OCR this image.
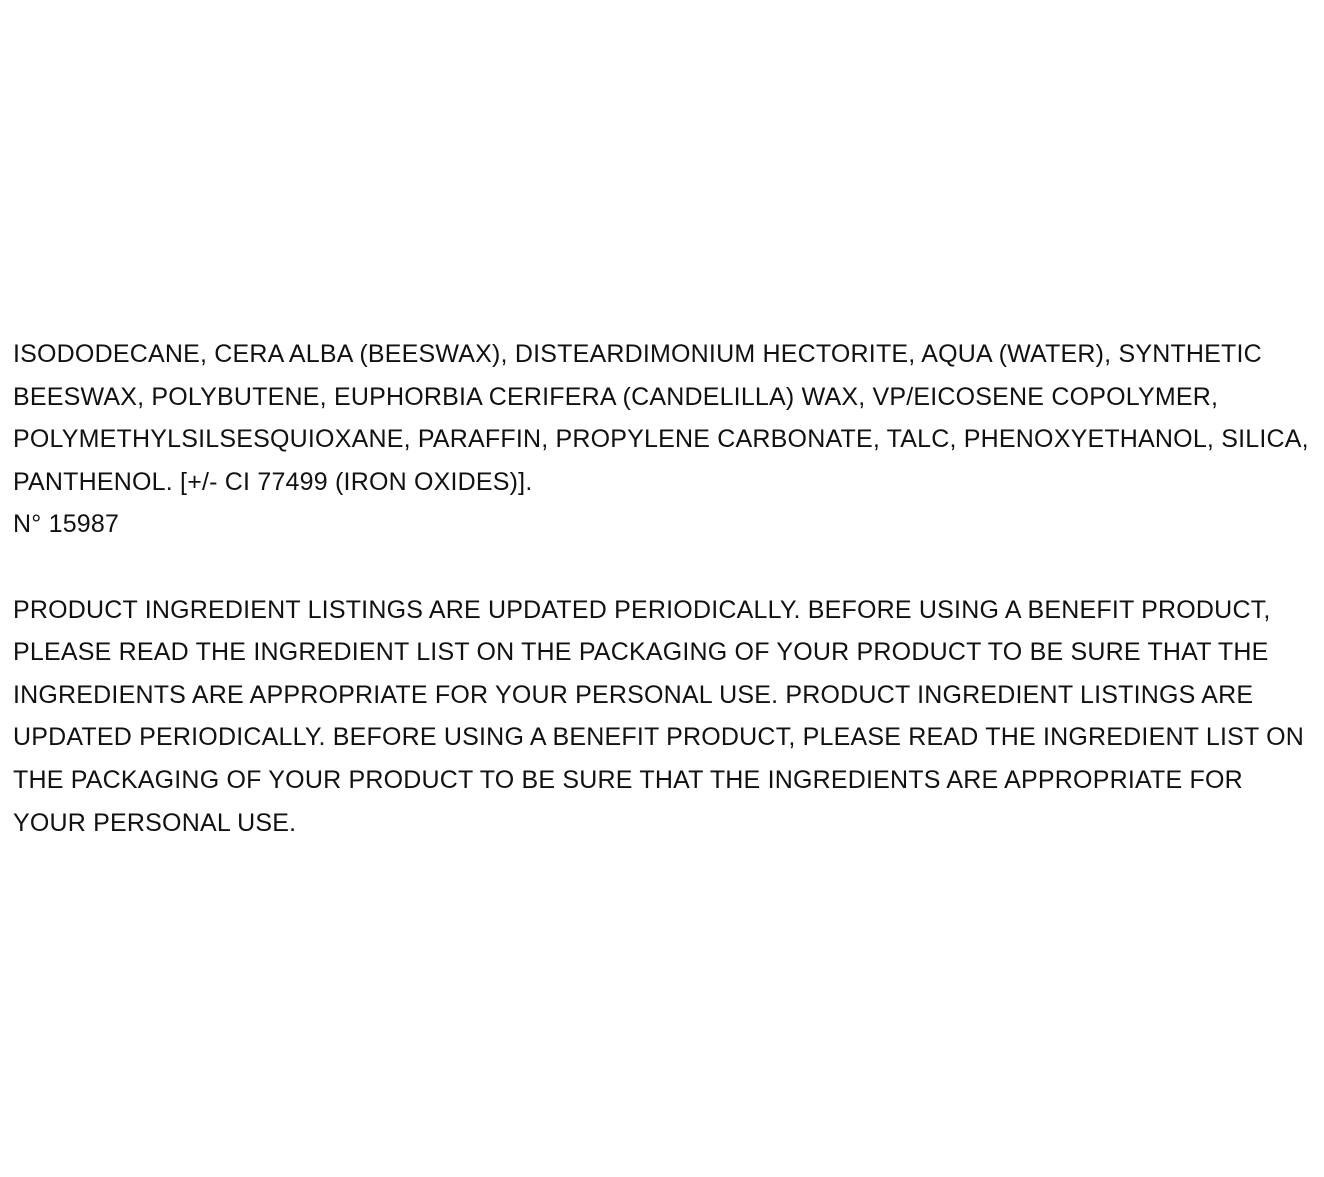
ISODODECANE, CERA ALBA (BEESWAX), DISTEARDIMONIUM HECTORITE, AQUA (WATER), SYNTHETIC BEESWAX, POLYBUTENE, EUPHORBIA CERIFERA (CANDELILLA) WAX, VP/EICOSENE COPOLYMER, POLYMETHYLSILSESQUIOXANE, PARAFFIN, PROPYLENE CARBONATE, TALC, PHENOXYETHANOL, SILICA, PANTHENOL. [+/- CI 77499 (IRON OXIDES)].

N° 15987

PRODUCT INGREDIENT LISTINGS ARE UPDATED PERIODICALLY. BEFORE USING A BENEFIT PRODUCT, PLEASE READ THE INGREDIENT LIST ON THE PACKAGING OF YOUR PRODUCT TO BE SURE THAT THE INGREDIENTS ARE APPROPRIATE FOR YOUR PERSONAL USE. PRODUCT INGREDIENT LISTINGS ARE UPDATED PERIODICALLY. BEFORE USING A BENEFIT PRODUCT, PLEASE READ THE INGREDIENT LIST ON THE PACKAGING OF YOUR PRODUCT TO BE SURE THAT THE INGREDIENTS ARE APPROPRIATE FOR YOUR PERSONAL USE.
